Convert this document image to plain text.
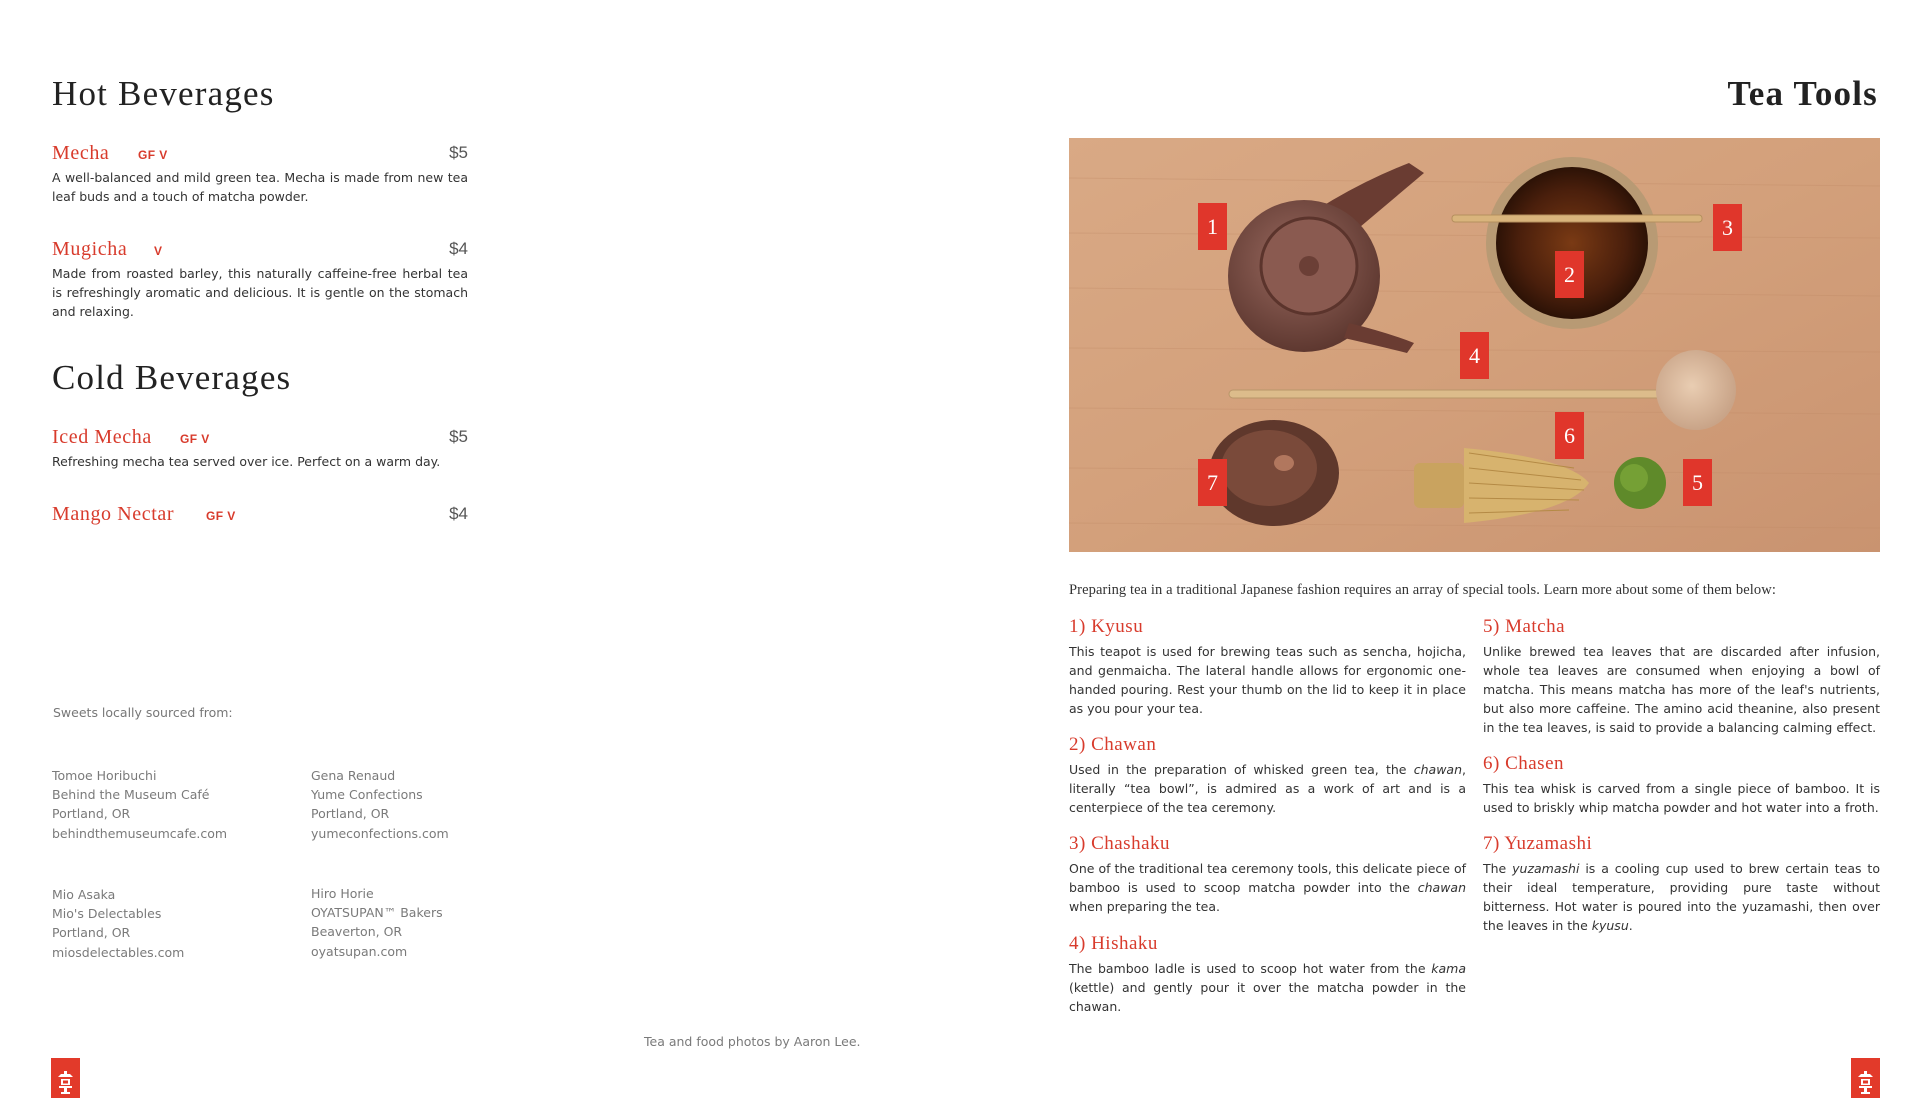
Hot Beverages
Mecha GF V	$5

A well-balanced and mild green tea. Mecha is made from new tea leaf buds and a touch of matcha powder.

Mugicha V	$4

Made from roasted barley, this naturally caffeine-free herbal tea is refreshingly aromatic and delicious. It is gentle on the stomach and relaxing.

Cold Beverages
Iced Mecha GF V	$5

Refreshing mecha tea served over ice. Perfect on a warm day.

Mango Nectar	GF V	$4
Sweets locally sourced from:
Tomoe Horibuchi
Behind the Museum Café
Portland, OR
behindthemuseumcafe.com
Gena Renaud
Yume Confections
Portland, OR
yumeconfections.com
Mio Asaka
Mio's Delectables
Portland, OR
miosdelectables.com
Hiro Horie
OYATSUPAN™ Bakers
Beaverton, OR
oyatsupan.com
Tea and food photos by Aaron Lee.
Tea Tools
1
2
3
4
5
6
7

Preparing tea in a traditional Japanese fashion requires an array of special tools. Learn more about some of them below:

1) Kyusu

This teapot is used for brewing teas such as sencha, hojicha, and genmaicha. The lateral handle allows for ergonomic one-handed pouring. Rest your thumb on the lid to keep it in place as you pour your tea.

2) Chawan

Used in the preparation of whisked green tea, the chawan, literally “tea bowl”, is admired as a work of art and is a centerpiece of the tea ceremony.

3) Chashaku

One of the traditional tea ceremony tools, this delicate piece of bamboo is used to scoop matcha powder into the chawan when preparing the tea.

4) Hishaku

The bamboo ladle is used to scoop hot water from the kama (kettle) and gently pour it over the matcha powder in the chawan.

5) Matcha

Unlike brewed tea leaves that are discarded after infusion, whole tea leaves are consumed when enjoying a bowl of matcha. This means matcha has more of the leaf's nutrients, but also more caffeine. The amino acid theanine, also present in the tea leaves, is said to provide a balancing calming effect.

6) Chasen

This tea whisk is carved from a single piece of bamboo. It is used to briskly whip matcha powder and hot water into a froth.

7) Yuzamashi

The yuzamashi is a cooling cup used to brew certain teas to their ideal temperature, providing pure taste without bitterness. Hot water is poured into the yuzamashi, then over the leaves in the kyusu.
